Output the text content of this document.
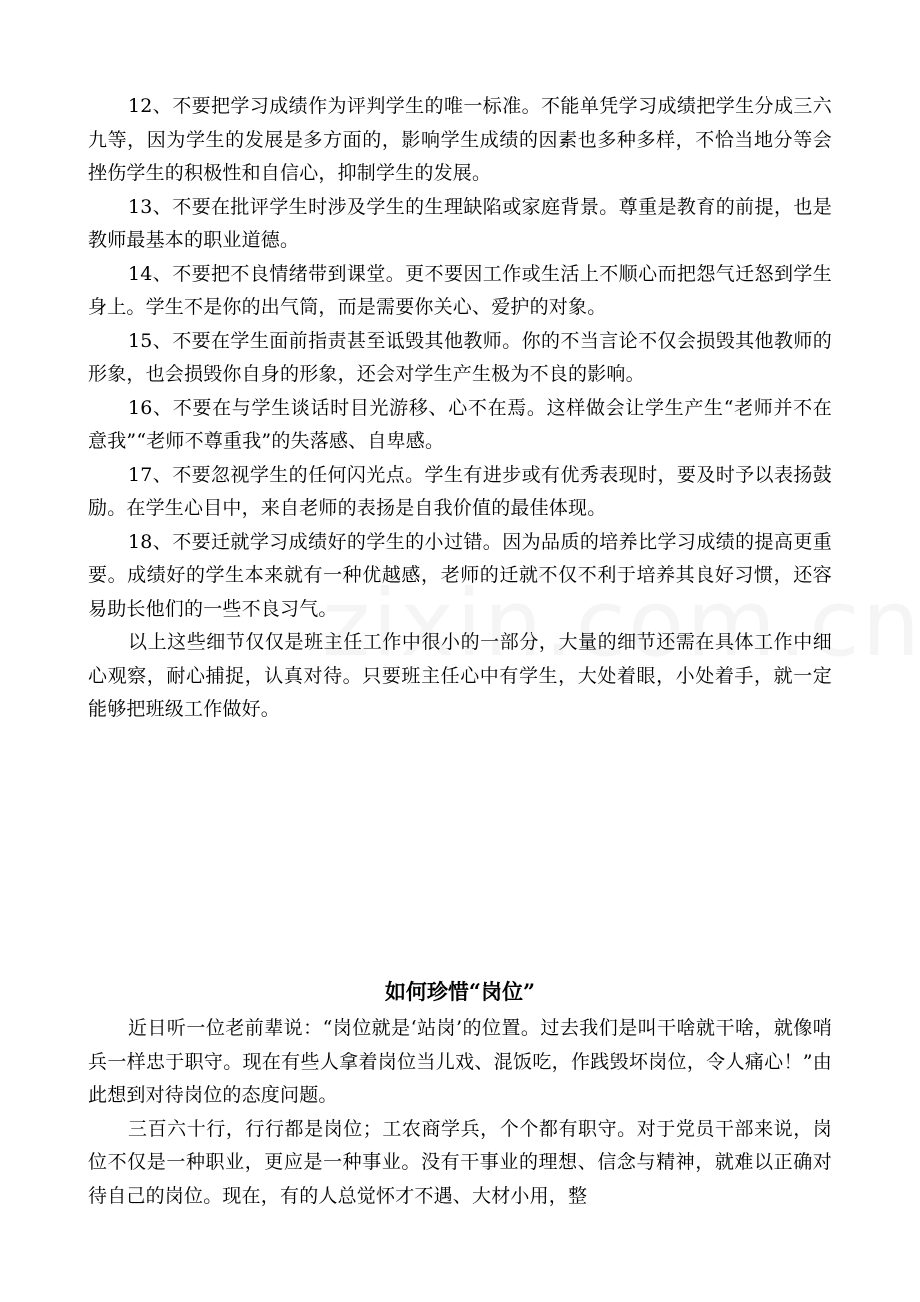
12、不要把学习成绩作为评判学生的唯一标准。不能单凭学习成绩把学生分成三六九等，因为学生的发展是多方面的，影响学生成绩的因素也多种多样，不恰当地分等会挫伤学生的积极性和自信心，抑制学生的发展。

13、不要在批评学生时涉及学生的生理缺陷或家庭背景。尊重是教育的前提，也是教师最基本的职业道德。

14、不要把不良情绪带到课堂。更不要因工作或生活上不顺心而把怨气迁怒到学生身上。学生不是你的出气筒，而是需要你关心、爱护的对象。

15、不要在学生面前指责甚至诋毁其他教师。你的不当言论不仅会损毁其他教师的形象，也会损毁你自身的形象，还会对学生产生极为不良的影响。

16、不要在与学生谈话时目光游移、心不在焉。这样做会让学生产生“老师并不在意我”“老师不尊重我”的失落感、自卑感。

17、不要忽视学生的任何闪光点。学生有进步或有优秀表现时，要及时予以表扬鼓励。在学生心目中，来自老师的表扬是自我价值的最佳体现。

18、不要迁就学习成绩好的学生的小过错。因为品质的培养比学习成绩的提高更重要。成绩好的学生本来就有一种优越感，老师的迁就不仅不利于培养其良好习惯，还容易助长他们的一些不良习气。

以上这些细节仅仅是班主任工作中很小的一部分，大量的细节还需在具体工作中细心观察，耐心捕捉，认真对待。只要班主任心中有学生，大处着眼，小处着手，就一定能够把班级工作做好。

如何珍惜“岗位”

近日听一位老前辈说：“岗位就是‘站岗’的位置。过去我们是叫干啥就干啥，就像哨兵一样忠于职守。现在有些人拿着岗位当儿戏、混饭吃，作践毁坏岗位，令人痛心！”由此想到对待岗位的态度问题。

三百六十行，行行都是岗位；工农商学兵，个个都有职守。对于党员干部来说，岗位不仅是一种职业，更应是一种事业。没有干事业的理想、信念与精神，就难以正确对待自己的岗位。现在，有的人总觉怀才不遇、大材小用，整
